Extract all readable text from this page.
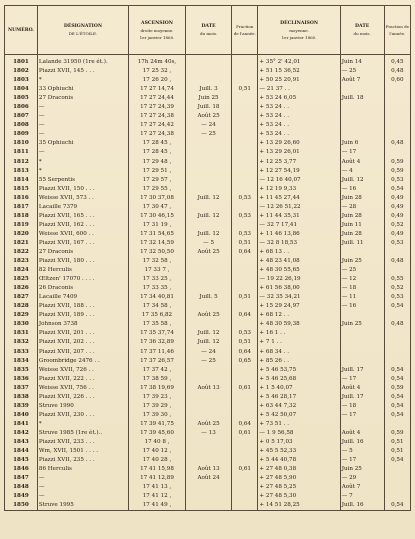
NUMÉRO.	DÉSIGNATION
DE L'ÉTOILE.	ASCENSION
droite moyenne.
1er janvier 1860.	DATE
du mois.	Fraction de l'année.	DÉCLINAISON
moyenne.
1er janvier 1860.	DATE
du mois.	Fraction de l'année.

1801	Lalande 31950 (1re ét.).	17h 24m 40s,			+ 35° 2' 42,01	Juin 14	0,45
1802	Piazzi XVII, 145 . . .	17 25 32 ,			+ 51 15 36,52	— 25	0,48
1803	*	17 26 20 ,			+ 50 25 20,91	Août 7	0,60
1804	33 Ophiuchi	17 27 14,74	Juill. 3	0,51	— 21 37 . .		
1805	27 Draconis	17 27 24,44	Juin 25		+ 53 24 6,05	Juill. 18	
1806	—	17 27 24,39	Juill. 18		+ 53 24 . .		
1807	—	17 27 24,38	Août 25		+ 53 24 . .		
1808	—	17 27 24,42	— 24		+ 53 24 . .		
1809	—	17 27 24,38	— 25		+ 53 24 . .		
1810	35 Ophiuchi	17 28 45 ,			+ 13 29 26,60	Juin 6	0,48
1811	—	17 28 45 ,			+ 13 29 26,01	— 17	
1812	*	17 29 48 ,			+ 12 25 3,77	Août 4	0,59
1813	*	17 29 51 ,			+ 12 27 54,19	— 4	0,59
1814	55 Serpentis	17 29 57 ,			— 12 16 40,07	Juill. 12	0,53
1815	Piazzi XVII, 150 . . .	17 29 55 ,			+ 12 19 9,33	— 16	0,54
1816	Weisse XVII, 573 . .	17 30 37,08	Juill. 12	0,53	+ 11 45 27,44	Juin 28	0,49
1817	Lacaille 7379	17 30 47 ,			— 12 26 51,22	— 28	0,49
1818	Piazzi XVII, 165 . . .	17 30 46,15	Juill. 12	0,53	+ 11 44 35,31	Juin 28	0,49
1819	Piazzi XVII, 162 . . .	17 31 19 ,			— 32 7 17,41	Juin 11	0,52
1820	Weisse XVII, 600 . .	17 31 54,65	Juill. 12	0,53	+ 11 46 13,86	Juin 28	0,49
1821	Piazzi XVII, 167 . . .	17 32 14,59	— 5	0,51	— 32 8 18,53	Juill. 11	0,53
1822	27 Draconis	17 32 50,50	Août 25	0,64	+ 68 13 . .		
1823	Piazzi XVII, 180 . . .	17 32 58 ,			+ 48 23 41,08	Juin 25	0,48
1824	82 Herculis	17 33 7 ,			+ 48 30 55,65	— 25	
1825	Œltzen' 17070 . . . .	17 33 25 ,			— 19 22 26,19	— 12	0,55
1826	26 Draconis	17 33 35 ,			+ 61 56 38,00	— 18	0,52
1827	Lacaille 7409	17 34 40,81	Juill. 5	0,51	— 32 35 34,21	— 11	0,53
1828	Piazzi XVII, 188 . . .	17 34 58 ,			+ 15 29 24,97	— 16	0,54
1829	Piazzi XVII, 189 . . .	17 35 6,82	Août 25	0,64	+ 68 12 . .		
1830	Johnson 3738	17 35 58 ,			+ 48 30 59,38	Juin 25	0,48
1831	Piazzi XVII, 201 . . .	17 35 37,74	Juill. 12	0,53	+ 16 1 . .		
1832	Piazzi XVII, 202 . . .	17 36 32,89	Juill. 12	0,51	+ 7 1 . .		
1833	Piazzi XVII, 207 . . .	17 37 11,46	— 24	0,64	+ 68 34 . .		
1834	Groombridge 2476 . .	17 37 26,57	— 25	0,65	+ 85 26 . .		
1835	Weisse XVII, 726 . .	17 37 42 ,			+ 5 46 53,75	Juill. 17	0,54
1836	Piazzi XVII, 222 . . .	17 38 59 ,			+ 5 46 25,68	— 17	0,54
1837	Weisse XVII, 756 . .	17 38 19,69	Août 13	0,61	+ 1 5 40,07	Août 4	0,59
1838	Piazzi XVII, 226 . . .	17 39 23 ,			+ 5 46 28,17	Juill. 17	0,54
1839	Struve 1990	17 39 29 ,			+ 63 44 7,32	— 18	0,54
1840	Piazzi XVII, 230 . . .	17 39 30 ,			+ 5 42 50,07	— 17	0,54
1841	*	17 39 41,75	Août 25	0,64	+ 73 51 . .		
1842	Struve 1985 (1re ét.)..	17 39 45,60	— 13	0,61	— 1 9 56,58	Août 4	0,59
1843	Piazzi XVII, 233 . . .	17 40 8 ,			+ 0 5 17,03	Juill. 16	0,51
1844	Wm, XVII, 1501 . . . .	17 40 12 ,			+ 45 5 52,33	— 5	0,51
1845	Piazzi XVII, 235 . . .	17 40 28 ,			+ 5 44 40,78	— 17	0,54
1846	86 Herculis	17 41 15,98	Août 13	0,61	+ 27 48 0,38	Juin 25	
1847	—	17 41 12,89	Août 24		+ 27 48 5,90	— 29	
1848	—	17 41 13 ,			+ 27 48 5,25	Août 7	
1849	—	17 41 12 ,			+ 27 48 5,30	— 7	
1850	Struve 1995	17 41 49 ,			+ 14 51 28,25	Juill. 16	0,54
